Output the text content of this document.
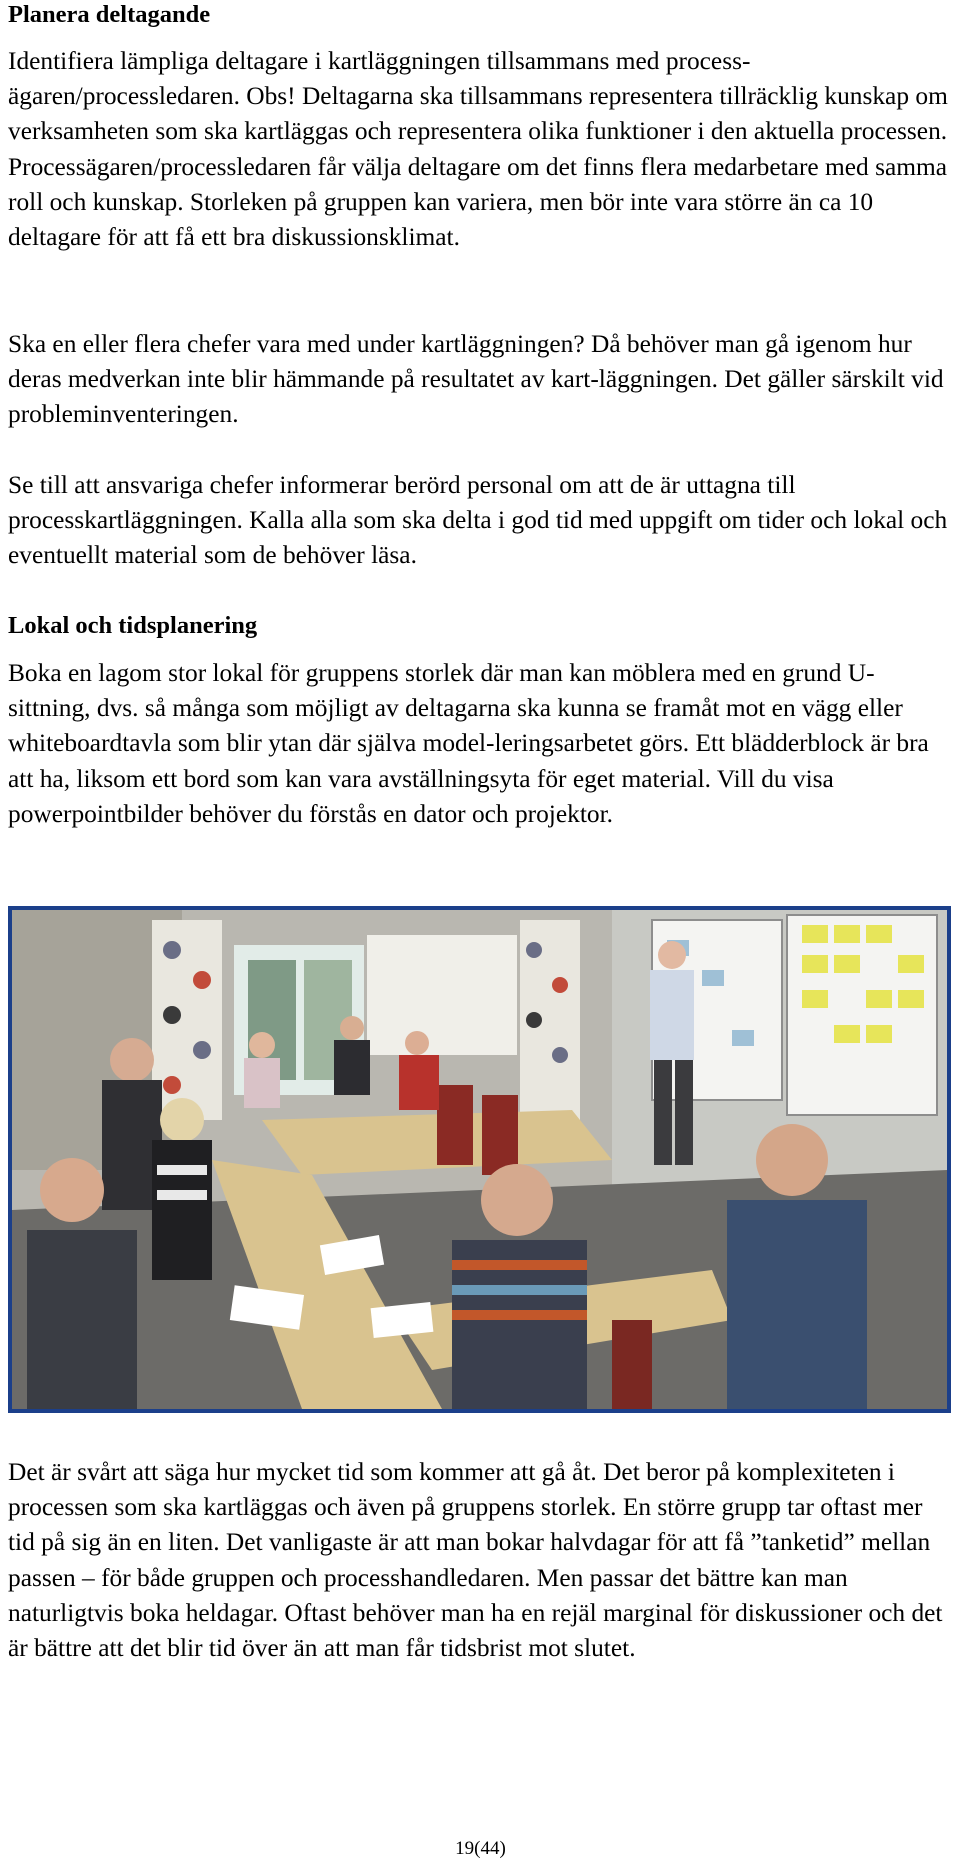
Planera deltagande

Identifiera lämpliga deltagare i kartläggningen tillsammans med process-ägaren/processledaren. Obs! Deltagarna ska tillsammans representera tillräcklig kunskap om verksamheten som ska kartläggas och representera olika funktioner i den aktuella processen. Processägaren/processledaren får välja deltagare om det finns flera medarbetare med samma roll och kunskap. Storleken på gruppen kan variera, men bör inte vara större än ca 10 deltagare för att få ett bra diskussionsklimat.

Ska en eller flera chefer vara med under kartläggningen? Då behöver man gå igenom hur deras medverkan inte blir hämmande på resultatet av kart-läggningen. Det gäller särskilt vid probleminventeringen.

Se till att ansvariga chefer informerar berörd personal om att de är uttagna till processkartläggningen. Kalla alla som ska delta i god tid med uppgift om tider och lokal och eventuellt material som de behöver läsa.

Lokal och tidsplanering

Boka en lagom stor lokal för gruppens storlek där man kan möblera med en grund U-sittning, dvs. så många som möjligt av deltagarna ska kunna se framåt mot en vägg eller whiteboardtavla som blir ytan där själva model-leringsarbetet görs. Ett blädderblock är bra att ha, liksom ett bord som kan vara avställningsyta för eget material. Vill du visa powerpointbilder behöver du förstås en dator och projektor.

Det är svårt att säga hur mycket tid som kommer att gå åt. Det beror på komplexiteten i processen som ska kartläggas och även på gruppens storlek. En större grupp tar oftast mer tid på sig än en liten. Det vanligaste är att man bokar halvdagar för att få ”tanketid” mellan passen – för både gruppen och processhandledaren. Men passar det bättre kan man naturligtvis boka heldagar. Oftast behöver man ha en rejäl marginal för diskussioner och det är bättre att det blir tid över än att man får tidsbrist mot slutet.

19(44)
